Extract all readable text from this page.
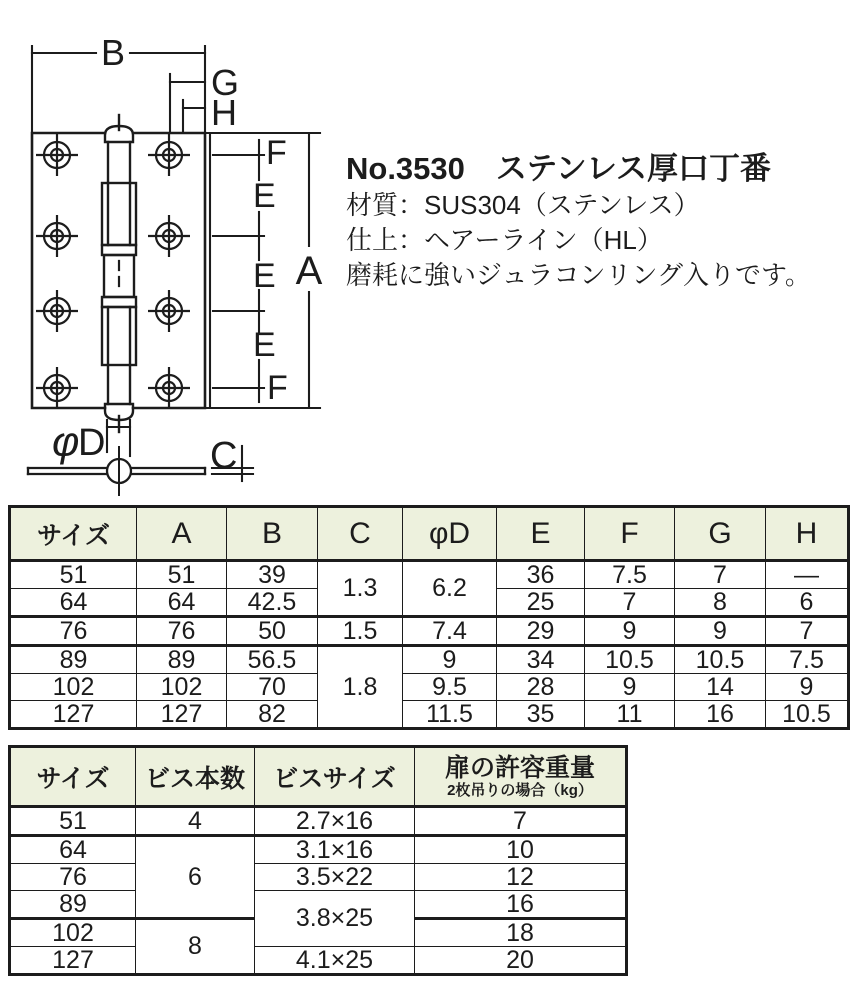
B
G
H
F
E
E
E
F
A
φ
D	C
No.3530　ステンレス厚口丁番
材質：SUS304（ステンレス）
仕上：ヘアーライン（HL）
磨耗に強いジュラコンリング入りです。
サイズ	A	B	C	φD	E	F	G	H
51	51	39	1.3	6.2	36	7.5	7	—
64	64	42.5			25	7	8	6
76	76	50	1.5	7.4	29	9	9	7
89	89	56.5	1.8	9	34	10.5	10.5	7.5
102	102	70		9.5	28	9	14	9
127	127	82		11.5	35	11	16	10.5
サイズ	ビス本数	ビスサイズ	扉の許容重量
2枚吊りの場合（kg）

51	4	2.7×16	7
64	6	3.1×16	10
76		3.5×22	12
89		3.8×25	16
102	8		18
127		4.1×25	20
